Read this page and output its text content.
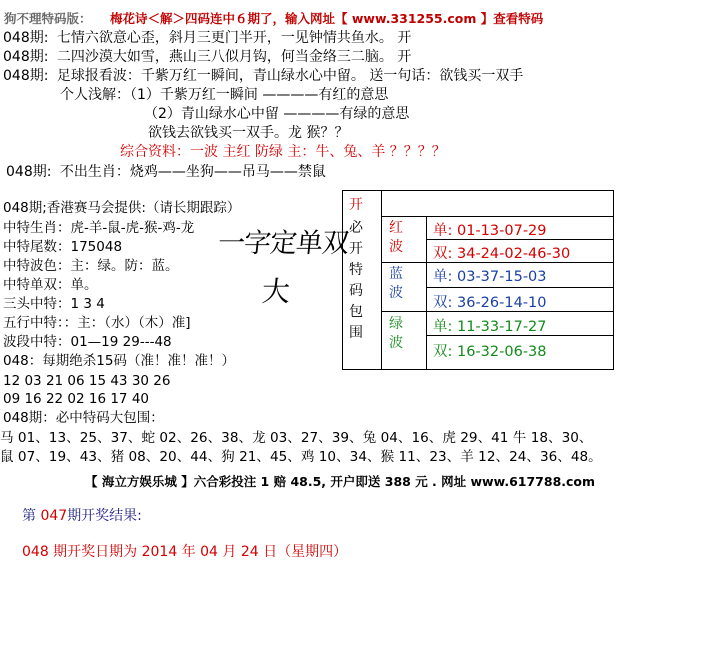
狗不理特码版： 梅花诗＜解＞四码连中６期了，输入网址【 www.331255.com 】查看特码
048期: 七情六欲意心歪，斜月三更门半开，一见钟情共鱼水。 开
048期: 二四沙漠大如雪，燕山三八似月钩，何当金络三二脑。 开
048期: 足球报看波：千紫万红一瞬间，青山绿水心中留。 送一句话：欲钱买一双手
个人浅解：（1）千紫万红一瞬间 ————有红的意思
（2）青山绿水心中留 ————有绿的意思
欲钱去欲钱买一双手。龙 猴？？
综合资料：一波 主红 防绿 主：牛、兔、羊 ？？？？
048期: 不出生肖：烧鸡——坐狗——吊马——禁鼠
048期;香港赛马会提供:（请长期跟踪）
中特生肖：虎-羊-鼠-虎-猴-鸡-龙
中特尾数：175048
中特波色：主：绿。防：蓝。
中特单双：单。
三头中特：1 3 4
五行中特：：主：（水）（木）准]
波段中特：01—19 29---48
048：每期绝杀15码（准！准！准！）
12 03 21 06 15 43 30 26
09 16 22 02 16 17 40
048期：必中特码大包围：
马 01、13、25、37、蛇 02、26、38、龙 03、27、39、兔 04、16、虎 29、41 牛 18、30、
鼠 07、19、43、猪 08、20、44、狗 21、45、鸡 10、34、猴 11、23、羊 12、24、36、48。
一字定单双
大
开
必开特码包围
红波
单: 01-13-07-29
双: 34-24-02-46-30
蓝波
单: 03-37-15-03
双: 36-26-14-10
绿波
单: 11-33-17-27
双: 16-32-06-38
【 海立方娱乐城 】六合彩投注 1 赔 48.5, 开户即送 388 元 . 网址 www.617788.com
第 047期开奖结果:
048 期开奖日期为 2014 年 04 月 24 日（星期四）
